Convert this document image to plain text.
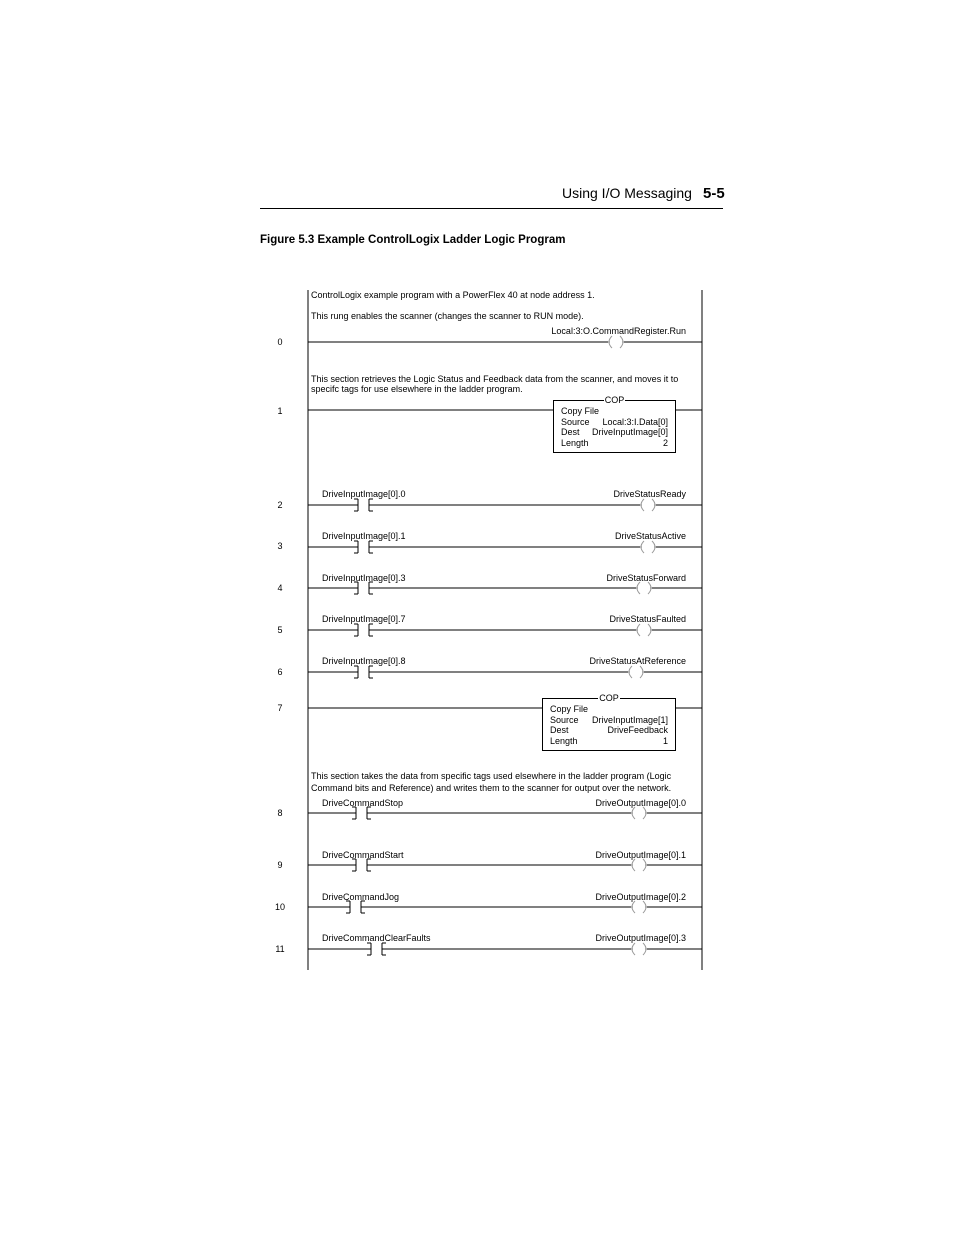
Using I/O Messaging 5-5
Figure 5.3 Example ControlLogix Ladder Logic Program
ControlLogix example program with a PowerFlex 40 at node address 1.
This rung enables the scanner (changes the scanner to RUN mode).
This section retrieves the Logic Status and Feedback data from the scanner, and moves it to
specifc tags for use elsewhere in the ladder program.
This section takes the data from specific tags used elsewhere in the ladder program (Logic
Command bits and Reference) and writes them to the scanner for output over the network.
0
1
2
3
4
5
6
7
8
9
10
11
Local:3:O.CommandRegister.Run
DriveInputImage[0].0
DriveInputImage[0].1
DriveInputImage[0].3
DriveInputImage[0].7
DriveInputImage[0].8
DriveCommandStop
DriveCommandStart
DriveCommandJog
DriveCommandClearFaults
DriveStatusReady
DriveStatusActive
DriveStatusForward
DriveStatusFaulted
DriveStatusAtReference
DriveOutputImage[0].0
DriveOutputImage[0].1
DriveOutputImage[0].2
DriveOutputImage[0].3
COP
Copy File
Source Local:3:I.Data[0]
Dest DriveInputImage[0]
Length	2
COP
Copy File
Source DriveInputImage[1]
Dest	DriveFeedback
Length	1
